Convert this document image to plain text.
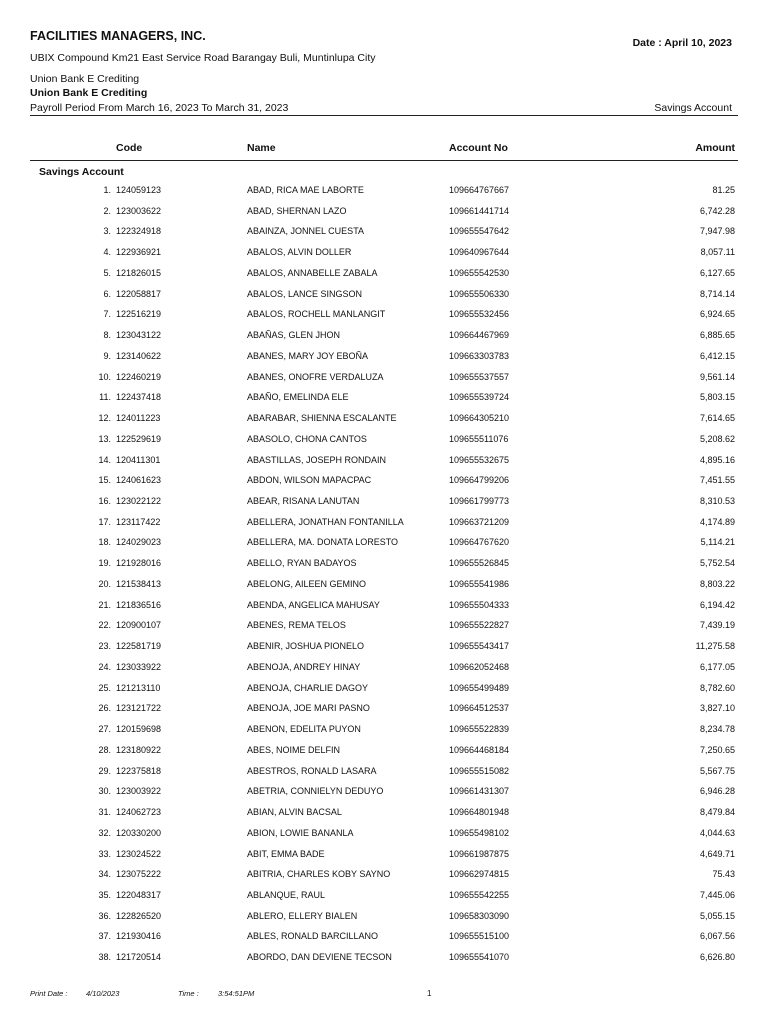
FACILITIES MANAGERS, INC.	Date : April 10, 2023
UBIX Compound Km21 East Service Road Barangay Buli, Muntinlupa City
Union Bank E Crediting
Union Bank E Crediting
Payroll Period From March 16, 2023 To March 31, 2023	Savings Account
Code	Name	Account No	Amount
Savings Account
1. 124059123	ABAD, RICA MAE LABORTE	109664767667	81.25
2. 123003622	ABAD, SHERNAN LAZO	109661441714	6,742.28
3. 122324918	ABAINZA, JONNEL CUESTA	109655547642	7,947.98
4. 122936921	ABALOS, ALVIN DOLLER	109640967644	8,057.11
5. 121826015	ABALOS, ANNABELLE ZABALA	109655542530	6,127.65
6. 122058817	ABALOS, LANCE SINGSON	109655506330	8,714.14
7. 122516219	ABALOS, ROCHELL MANLANGIT	109655532456	6,924.65
8. 123043122	ABAÑAS, GLEN JHON	109664467969	6,885.65
9. 123140622	ABANES, MARY JOY EBOÑA	109663303783	6,412.15
10. 122460219	ABANES, ONOFRE VERDALUZA	109655537557	9,561.14
11. 122437418	ABAÑO, EMELINDA ELE	109655539724	5,803.15
12. 124011223	ABARABAR, SHIENNA ESCALANTE	109664305210	7,614.65
13. 122529619	ABASOLO, CHONA CANTOS	109655511076	5,208.62
14. 120411301	ABASTILLAS, JOSEPH RONDAIN	109655532675	4,895.16
15. 124061623	ABDON, WILSON MAPACPAC	109664799206	7,451.55
16. 123022122	ABEAR, RISANA LANUTAN	109661799773	8,310.53
17. 123117422	ABELLERA, JONATHAN FONTANILLA	109663721209	4,174.89
18. 124029023	ABELLERA, MA. DONATA LORESTO	109664767620	5,114.21
19. 121928016	ABELLO, RYAN BADAYOS	109655526845	5,752.54
20. 121538413	ABELONG, AILEEN GEMINO	109655541986	8,803.22
21. 121836516	ABENDA, ANGELICA MAHUSAY	109655504333	6,194.42
22. 120900107	ABENES, REMA TELOS	109655522827	7,439.19
23. 122581719	ABENIR, JOSHUA PIONELO	109655543417	11,275.58
24. 123033922	ABENOJA, ANDREY HINAY	109662052468	6,177.05
25. 121213110	ABENOJA, CHARLIE DAGOY	109655499489	8,782.60
26. 123121722	ABENOJA, JOE MARI PASNO	109664512537	3,827.10
27. 120159698	ABENON, EDELITA PUYON	109655522839	8,234.78
28. 123180922	ABES, NOIME DELFIN	109664468184	7,250.65
29. 122375818	ABESTROS, RONALD LASARA	109655515082	5,567.75
30. 123003922	ABETRIA, CONNIELYN DEDUYO	109661431307	6,946.28
31. 124062723	ABIAN, ALVIN BACSAL	109664801948	8,479.84
32. 120330200	ABION, LOWIE BANANLA	109655498102	4,044.63
33. 123024522	ABIT, EMMA BADE	109661987875	4,649.71
34. 123075222	ABITRIA, CHARLES KOBY SAYNO	109662974815	75.43
35. 122048317	ABLANQUE, RAUL	109655542255	7,445.06
36. 122826520	ABLERO, ELLERY BIALEN	109658303090	5,055.15
37. 121930416	ABLES, RONALD BARCILLANO	109655515100	6,067.56
38. 121720514	ABORDO, DAN DEVIENE TECSON	109655541070	6,626.80
Print Date : 4/10/2023	Time :	3:54:51PM	1
